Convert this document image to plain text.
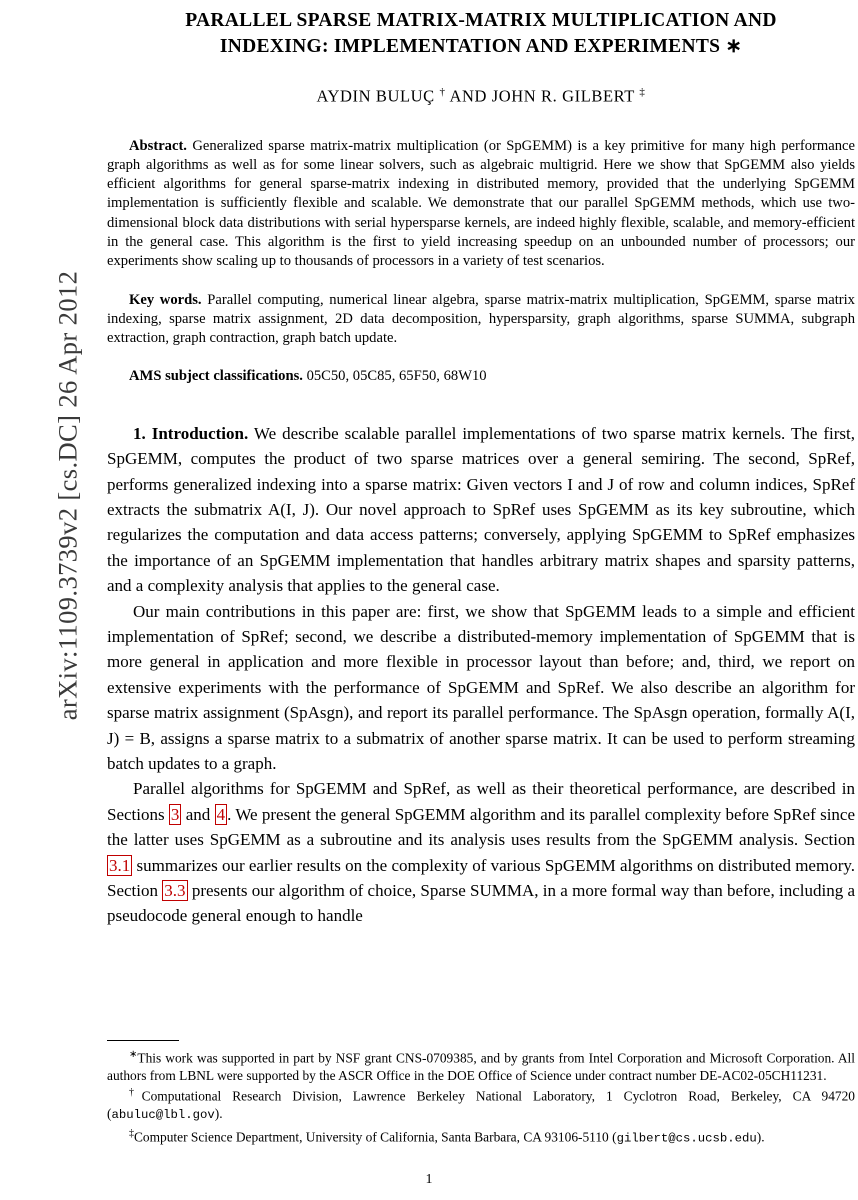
arXiv:1109.3739v2 [cs.DC] 26 Apr 2012
PARALLEL SPARSE MATRIX-MATRIX MULTIPLICATION AND
INDEXING: IMPLEMENTATION AND EXPERIMENTS ∗
AYDIN BULUÇ † AND JOHN R. GILBERT ‡

Abstract. Generalized sparse matrix-matrix multiplication (or SpGEMM) is a key primitive for many high performance graph algorithms as well as for some linear solvers, such as algebraic multigrid. Here we show that SpGEMM also yields efficient algorithms for general sparse-matrix indexing in distributed memory, provided that the underlying SpGEMM implementation is sufficiently flexible and scalable. We demonstrate that our parallel SpGEMM methods, which use two-dimensional block data distributions with serial hypersparse kernels, are indeed highly flexible, scalable, and memory-efficient in the general case. This algorithm is the first to yield increasing speedup on an unbounded number of processors; our experiments show scaling up to thousands of processors in a variety of test scenarios.

Key words. Parallel computing, numerical linear algebra, sparse matrix-matrix multiplication, SpGEMM, sparse matrix indexing, sparse matrix assignment, 2D data decomposition, hypersparsity, graph algorithms, sparse SUMMA, subgraph extraction, graph contraction, graph batch update.

AMS subject classifications. 05C50, 05C85, 65F50, 68W10

1. Introduction. We describe scalable parallel implementations of two sparse matrix kernels. The first, SpGEMM, computes the product of two sparse matrices over a general semiring. The second, SpRef, performs generalized indexing into a sparse matrix: Given vectors I and J of row and column indices, SpRef extracts the submatrix A(I, J). Our novel approach to SpRef uses SpGEMM as its key subroutine, which regularizes the computation and data access patterns; conversely, applying SpGEMM to SpRef emphasizes the importance of an SpGEMM implementation that handles arbitrary matrix shapes and sparsity patterns, and a complexity analysis that applies to the general case.

Our main contributions in this paper are: first, we show that SpGEMM leads to a simple and efficient implementation of SpRef; second, we describe a distributed-memory implementation of SpGEMM that is more general in application and more flexible in processor layout than before; and, third, we report on extensive experiments with the performance of SpGEMM and SpRef. We also describe an algorithm for sparse matrix assignment (SpAsgn), and report its parallel performance. The SpAsgn operation, formally A(I, J) = B, assigns a sparse matrix to a submatrix of another sparse matrix. It can be used to perform streaming batch updates to a graph.

Parallel algorithms for SpGEMM and SpRef, as well as their theoretical performance, are described in Sections 3 and 4 . We present the general SpGEMM algorithm and its parallel complexity before SpRef since the latter uses SpGEMM as a subroutine and its analysis uses results from the SpGEMM analysis. Section 3.1 summarizes our earlier results on the complexity of various SpGEMM algorithms on distributed memory. Section 3.3 presents our algorithm of choice, Sparse SUMMA, in a more formal way than before, including a pseudocode general enough to handle

∗This work was supported in part by NSF grant CNS-0709385, and by grants from Intel Corporation and Microsoft Corporation. All authors from LBNL were supported by the ASCR Office in the DOE Office of Science under contract number DE-AC02-05CH11231.

†Computational Research Division, Lawrence Berkeley National Laboratory, 1 Cyclotron Road, Berkeley, CA 94720 (abuluc@lbl.gov).

‡Computer Science Department, University of California, Santa Barbara, CA 93106-5110 (gilbert@cs.ucsb.edu).

1
